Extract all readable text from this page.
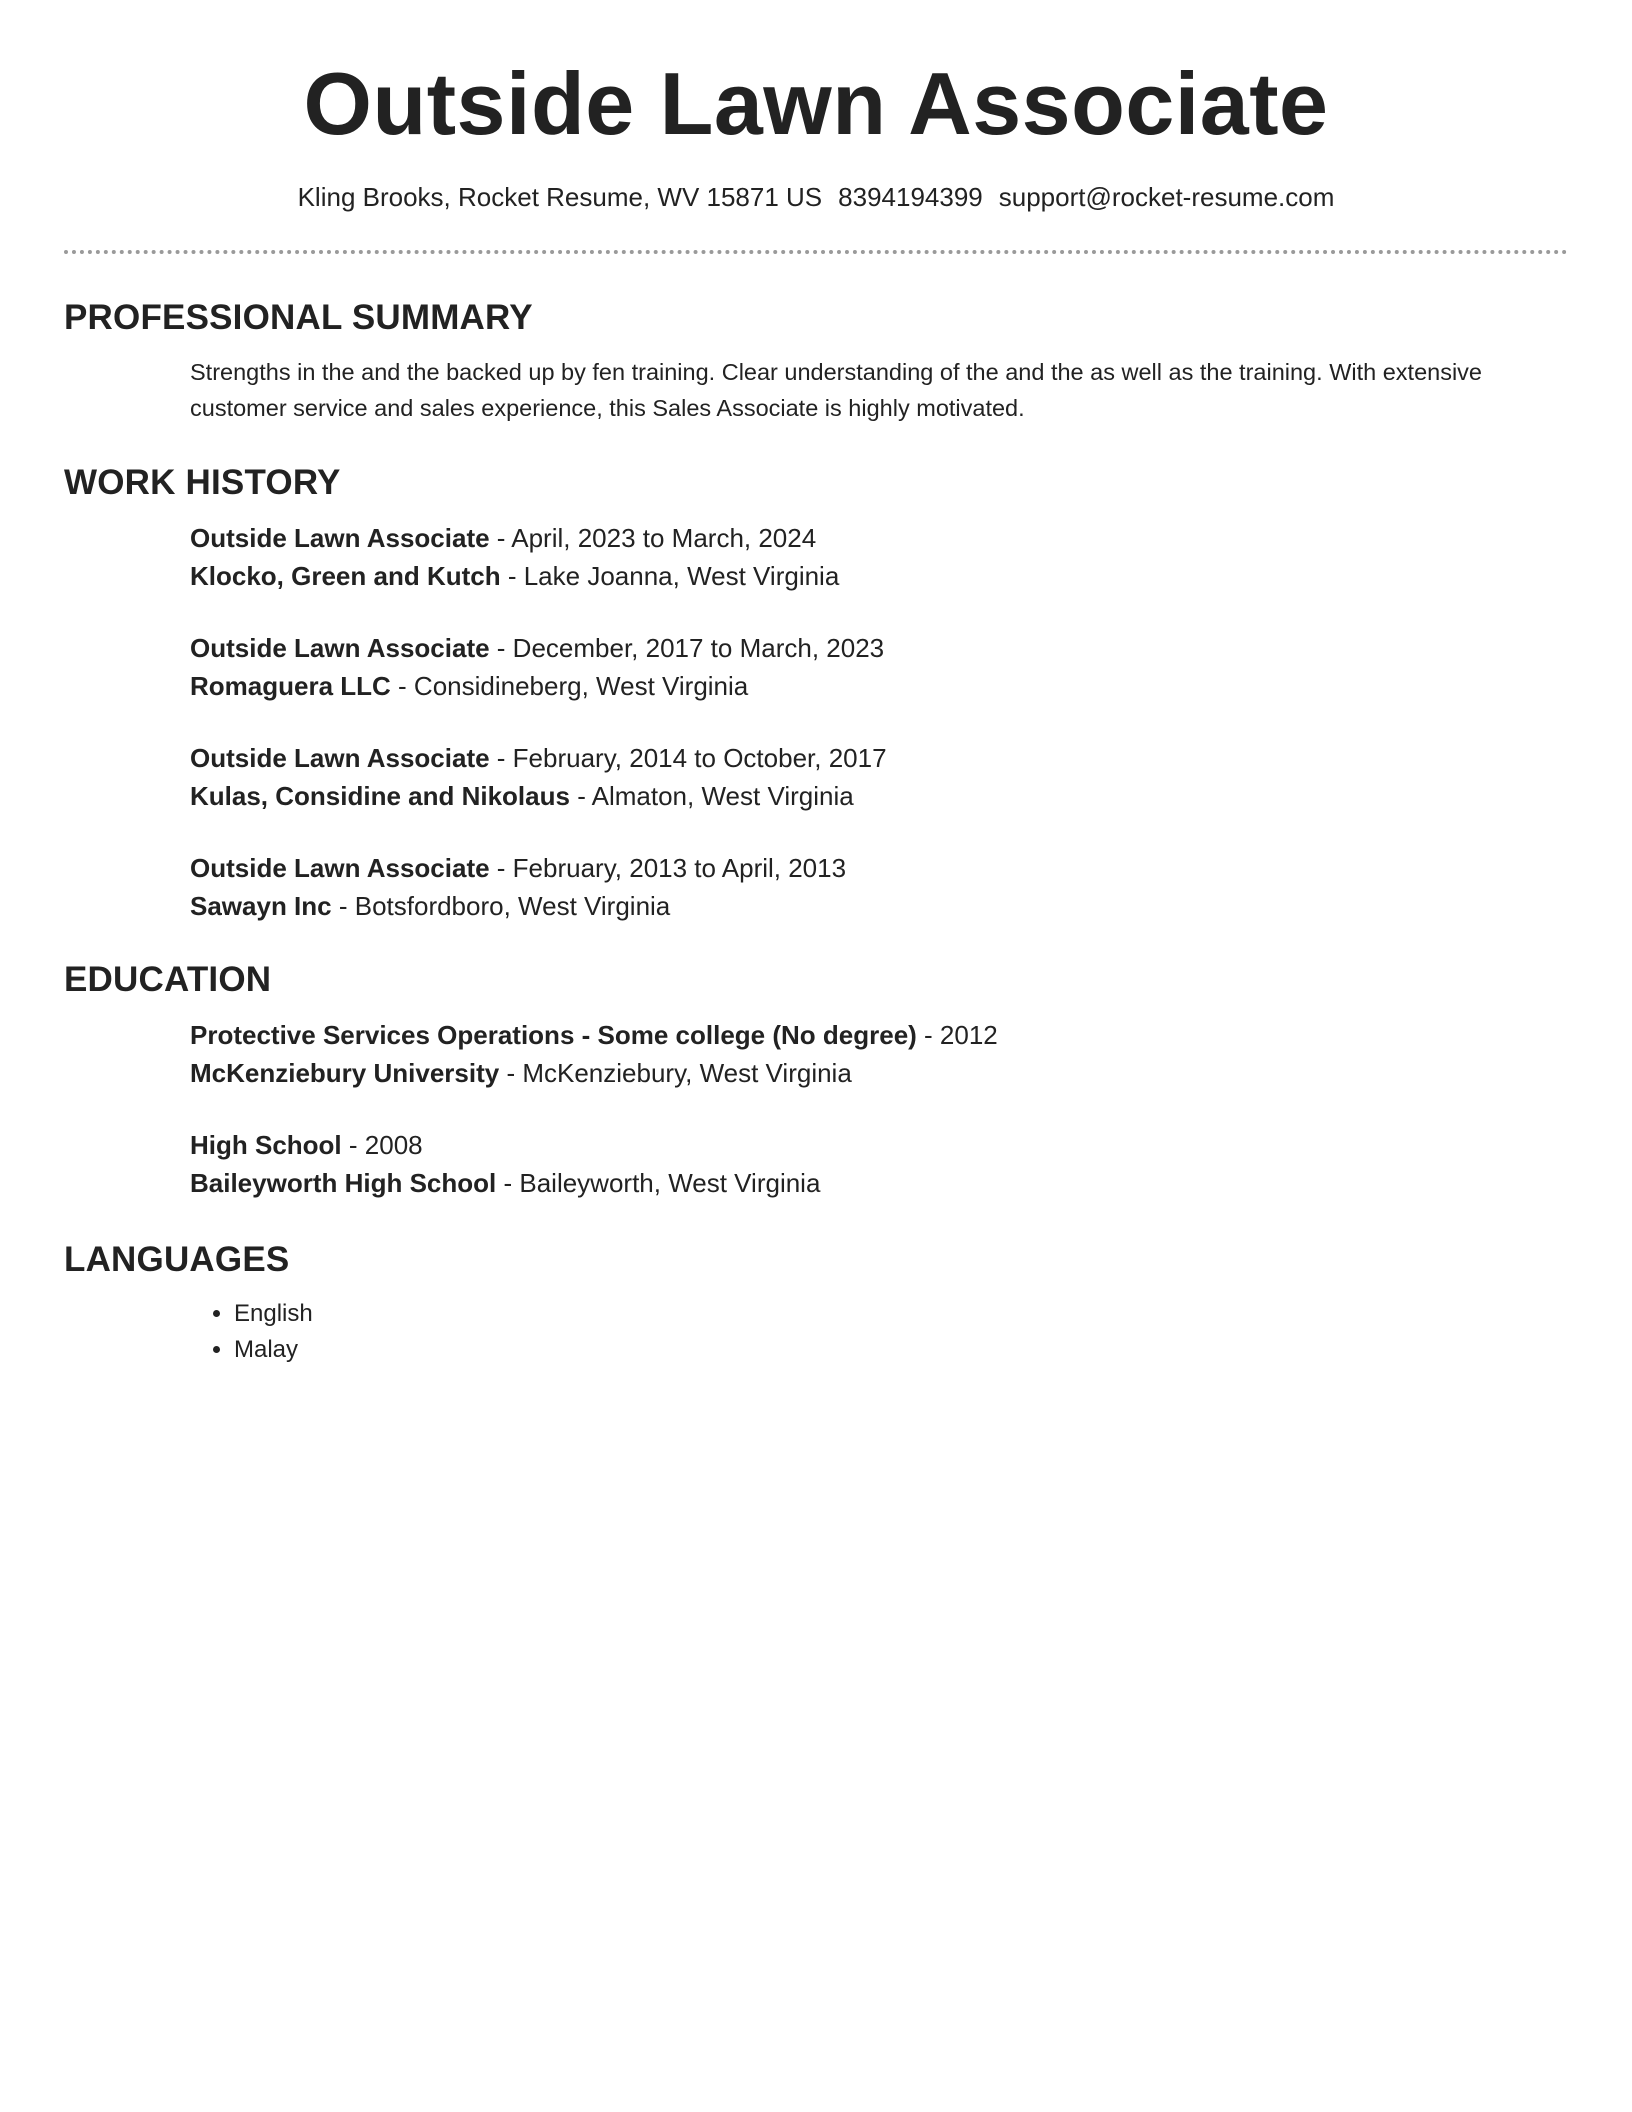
Outside Lawn Associate
Kling Brooks, Rocket Resume, WV 15871 US 8394194399 support@rocket-resume.com
PROFESSIONAL SUMMARY

Strengths in the and the backed up by fen training. Clear understanding of the and the as well as the training. With extensive customer service and sales experience, this Sales Associate is highly motivated.

WORK HISTORY
Outside Lawn Associate - April, 2023 to March, 2024
Klocko, Green and Kutch - Lake Joanna, West Virginia
Outside Lawn Associate - December, 2017 to March, 2023
Romaguera LLC - Considineberg, West Virginia
Outside Lawn Associate - February, 2014 to October, 2017
Kulas, Considine and Nikolaus - Almaton, West Virginia
Outside Lawn Associate - February, 2013 to April, 2013
Sawayn Inc - Botsfordboro, West Virginia
EDUCATION
Protective Services Operations - Some college (No degree) - 2012
McKenziebury University - McKenziebury, West Virginia
High School - 2008
Baileyworth High School - Baileyworth, West Virginia
LANGUAGES
• English
• Malay
